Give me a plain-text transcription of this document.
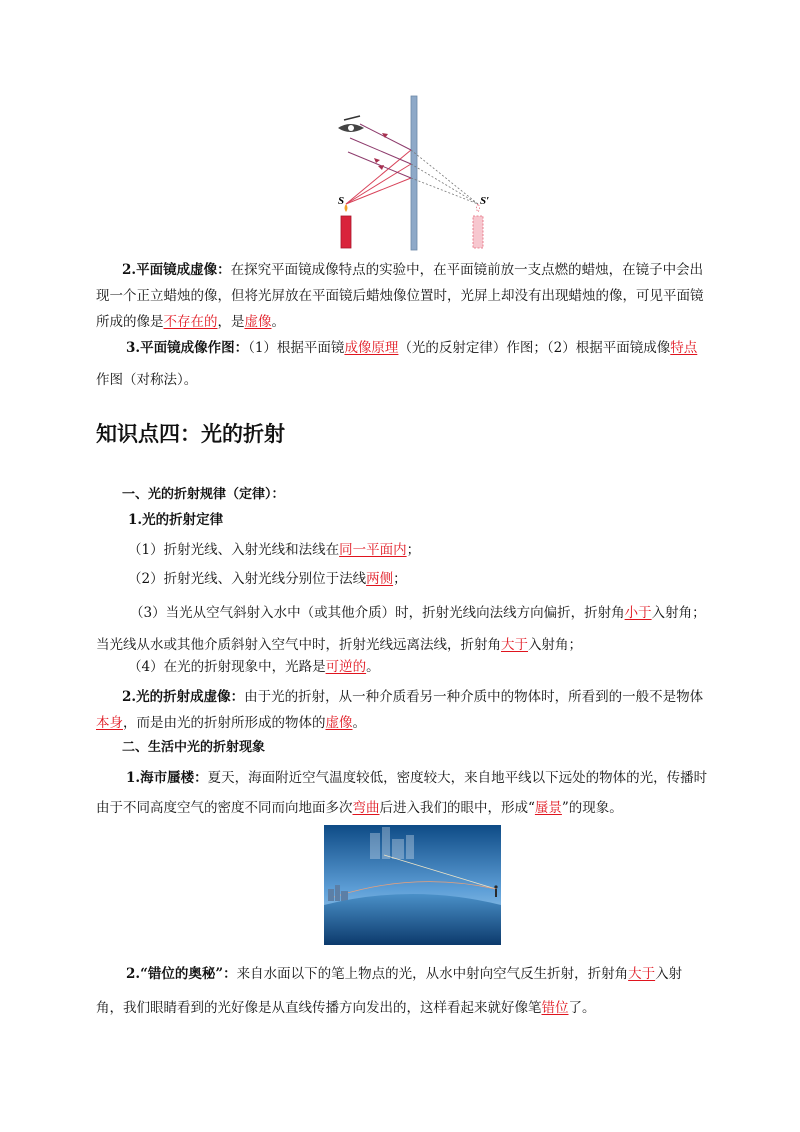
S	S′

2.平面镜成虚像：在探究平面镜成像特点的实验中，在平面镜前放一支点燃的蜡烛，在镜子中会出现一个正立蜡烛的像，但将光屏放在平面镜后蜡烛像位置时，光屏上却没有出现蜡烛的像，可见平面镜所成的像是不存在的，是虚像。

3.平面镜成像作图：（1）根据平面镜成像原理（光的反射定律）作图；（2）根据平面镜成像特点作图（对称法）。

知识点四：光的折射

一、光的折射规律（定律）：

1.光的折射定律

（1）折射光线、入射光线和法线在同一平面内；

（2）折射光线、入射光线分别位于法线两侧；

（3）当光从空气斜射入水中（或其他介质）时，折射光线向法线方向偏折，折射角小于入射角；当光线从水或其他介质斜射入空气中时，折射光线远离法线，折射角大于入射角；

（4）在光的折射现象中，光路是可逆的。

2.光的折射成虚像：由于光的折射，从一种介质看另一种介质中的物体时，所看到的一般不是物体本身，而是由光的折射所形成的物体的虚像。

二、生活中光的折射现象

1.海市蜃楼：夏天，海面附近空气温度较低，密度较大，来自地平线以下远处的物体的光，传播时由于不同高度空气的密度不同而向地面多次弯曲后进入我们的眼中，形成“蜃景”的现象。

2.“错位的奥秘”：来自水面以下的笔上物点的光，从水中射向空气反生折射，折射角大于入射角，我们眼睛看到的光好像是从直线传播方向发出的，这样看起来就好像笔错位了。
